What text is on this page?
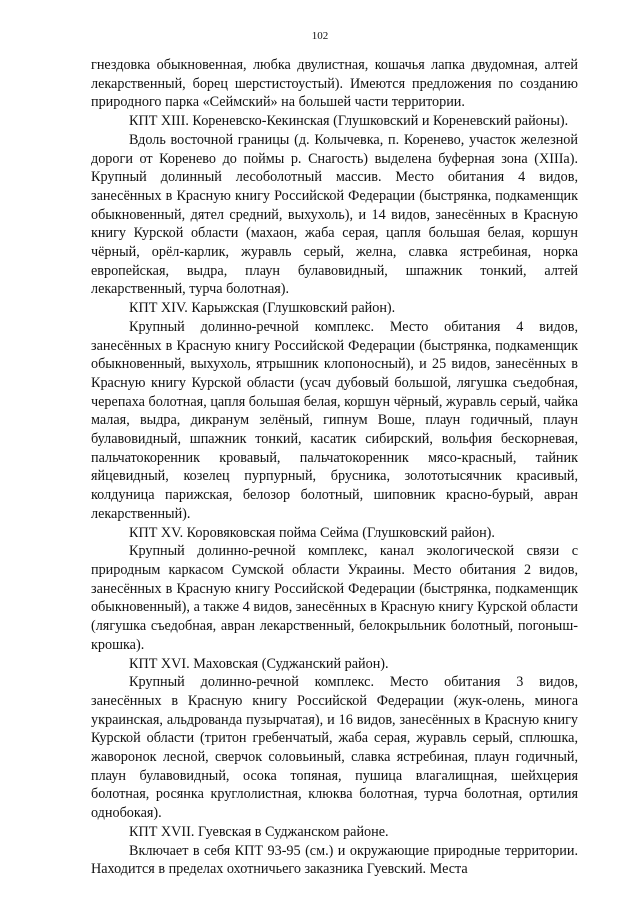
102

гнездовка обыкновенная, любка двулистная, кошачья лапка двудомная, алтей лекарственный, борец шерстистоустый). Имеются предложения по созданию природного парка «Сеймский» на большей части территории.

КПТ XIII. Кореневско-Кекинская (Глушковский и Кореневский районы).

Вдоль восточной границы (д. Колычевка, п. Коренево, участок железной дороги от Коренево до поймы р. Снагость) выделена буферная зона (XIIIа). Крупный долинный лесоболотный массив. Место обитания 4 видов, занесённых в Красную книгу Российской Федерации (быстрянка, подкаменщик обыкновенный, дятел средний, выхухоль), и 14 видов, занесённых в Красную книгу Курской области (махаон, жаба серая, цапля большая белая, коршун чёрный, орёл-карлик, журавль серый, желна, славка ястребиная, норка европейская, выдра, плаун булавовидный, шпажник тонкий, алтей лекарственный, турча болотная).

КПТ XIV. Карыжская (Глушковский район).

Крупный долинно-речной комплекс. Место обитания 4 видов, занесённых в Красную книгу Российской Федерации (быстрянка, подкаменщик обыкновенный, выхухоль, ятрышник клопоносный), и 25 видов, занесённых в Красную книгу Курской области (усач дубовый большой, лягушка съедобная, черепаха болотная, цапля большая белая, коршун чёрный, журавль серый, чайка малая, выдра, дикранум зелёный, гипнум Воше, плаун годичный, плаун булавовидный, шпажник тонкий, касатик сибирский, вольфия бескорневая, пальчатокоренник кровавый, пальчатокоренник мясо-красный, тайник яйцевидный, козелец пурпурный, брусника, золототысячник красивый, колдуница парижская, белозор болотный, шиповник красно-бурый, авран лекарственный).

КПТ XV. Коровяковская пойма Сейма (Глушковский район).

Крупный долинно-речной комплекс, канал экологической связи с природным каркасом Сумской области Украины. Место обитания 2 видов, занесённых в Красную книгу Российской Федерации (быстрянка, подкаменщик обыкновенный), а также 4 видов, занесённых в Красную книгу Курской области (лягушка съедобная, авран лекарственный, белокрыльник болотный, погоныш-крошка).

КПТ XVI. Маховская (Суджанский район).

Крупный долинно-речной комплекс. Место обитания 3 видов, занесённых в Красную книгу Российской Федерации (жук-олень, минога украинская, альдрованда пузырчатая), и 16 видов, занесённых в Красную книгу Курской области (тритон гребенчатый, жаба серая, журавль серый, сплюшка, жаворонок лесной, сверчок соловьиный, славка ястребиная, плаун годичный, плаун булавовидный, осока топяная, пушица влагалищная, шейхцерия болотная, росянка круглолистная, клюква болотная, турча болотная, ортилия однобокая).

КПТ XVII. Гуевская в Суджанском районе.

Включает в себя КПТ 93-95 (см.) и окружающие природные территории. Находится в пределах охотничьего заказника Гуевский. Места
